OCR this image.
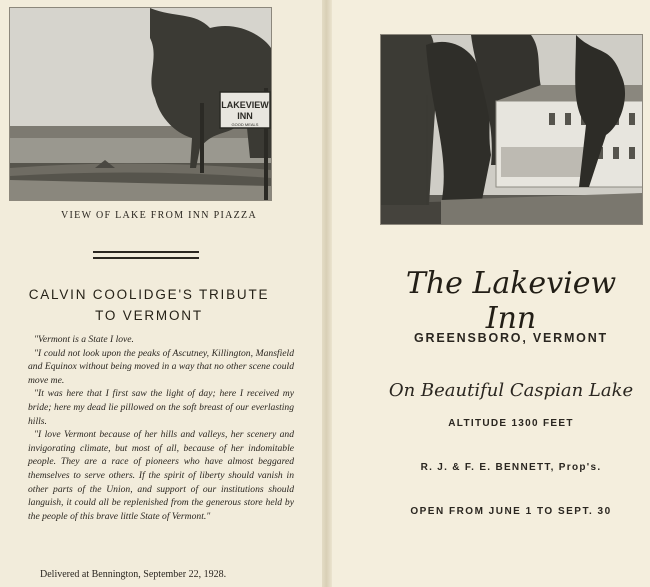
LAKEVIEW
INN
GOOD MEALS
VIEW OF LAKE FROM INN PIAZZA
CALVIN COOLIDGE'S TRIBUTE
TO VERMONT

"Vermont is a State I love.

"I could not look upon the peaks of Ascutney, Killington, Mansfield and Equinox without being moved in a way that no other scene could move me.

"It was here that I first saw the light of day; here I received my bride; here my dead lie pillowed on the soft breast of our everlasting hills.

"I love Vermont because of her hills and valleys, her scenery and invigorating climate, but most of all, because of her indomitable people. They are a race of pioneers who have almost beggared themselves to serve others. If the spirit of liberty should vanish in other parts of the Union, and support of our institutions should languish, it could all be replenished from the generous store held by the people of this brave little State of Vermont."

Delivered at Bennington, September 22, 1928.
The Lakeview Inn
GREENSBORO, VERMONT
On Beautiful Caspian Lake
ALTITUDE 1300 FEET
R. J. & F. E. BENNETT, Prop's.
OPEN FROM JUNE 1 TO SEPT. 30
